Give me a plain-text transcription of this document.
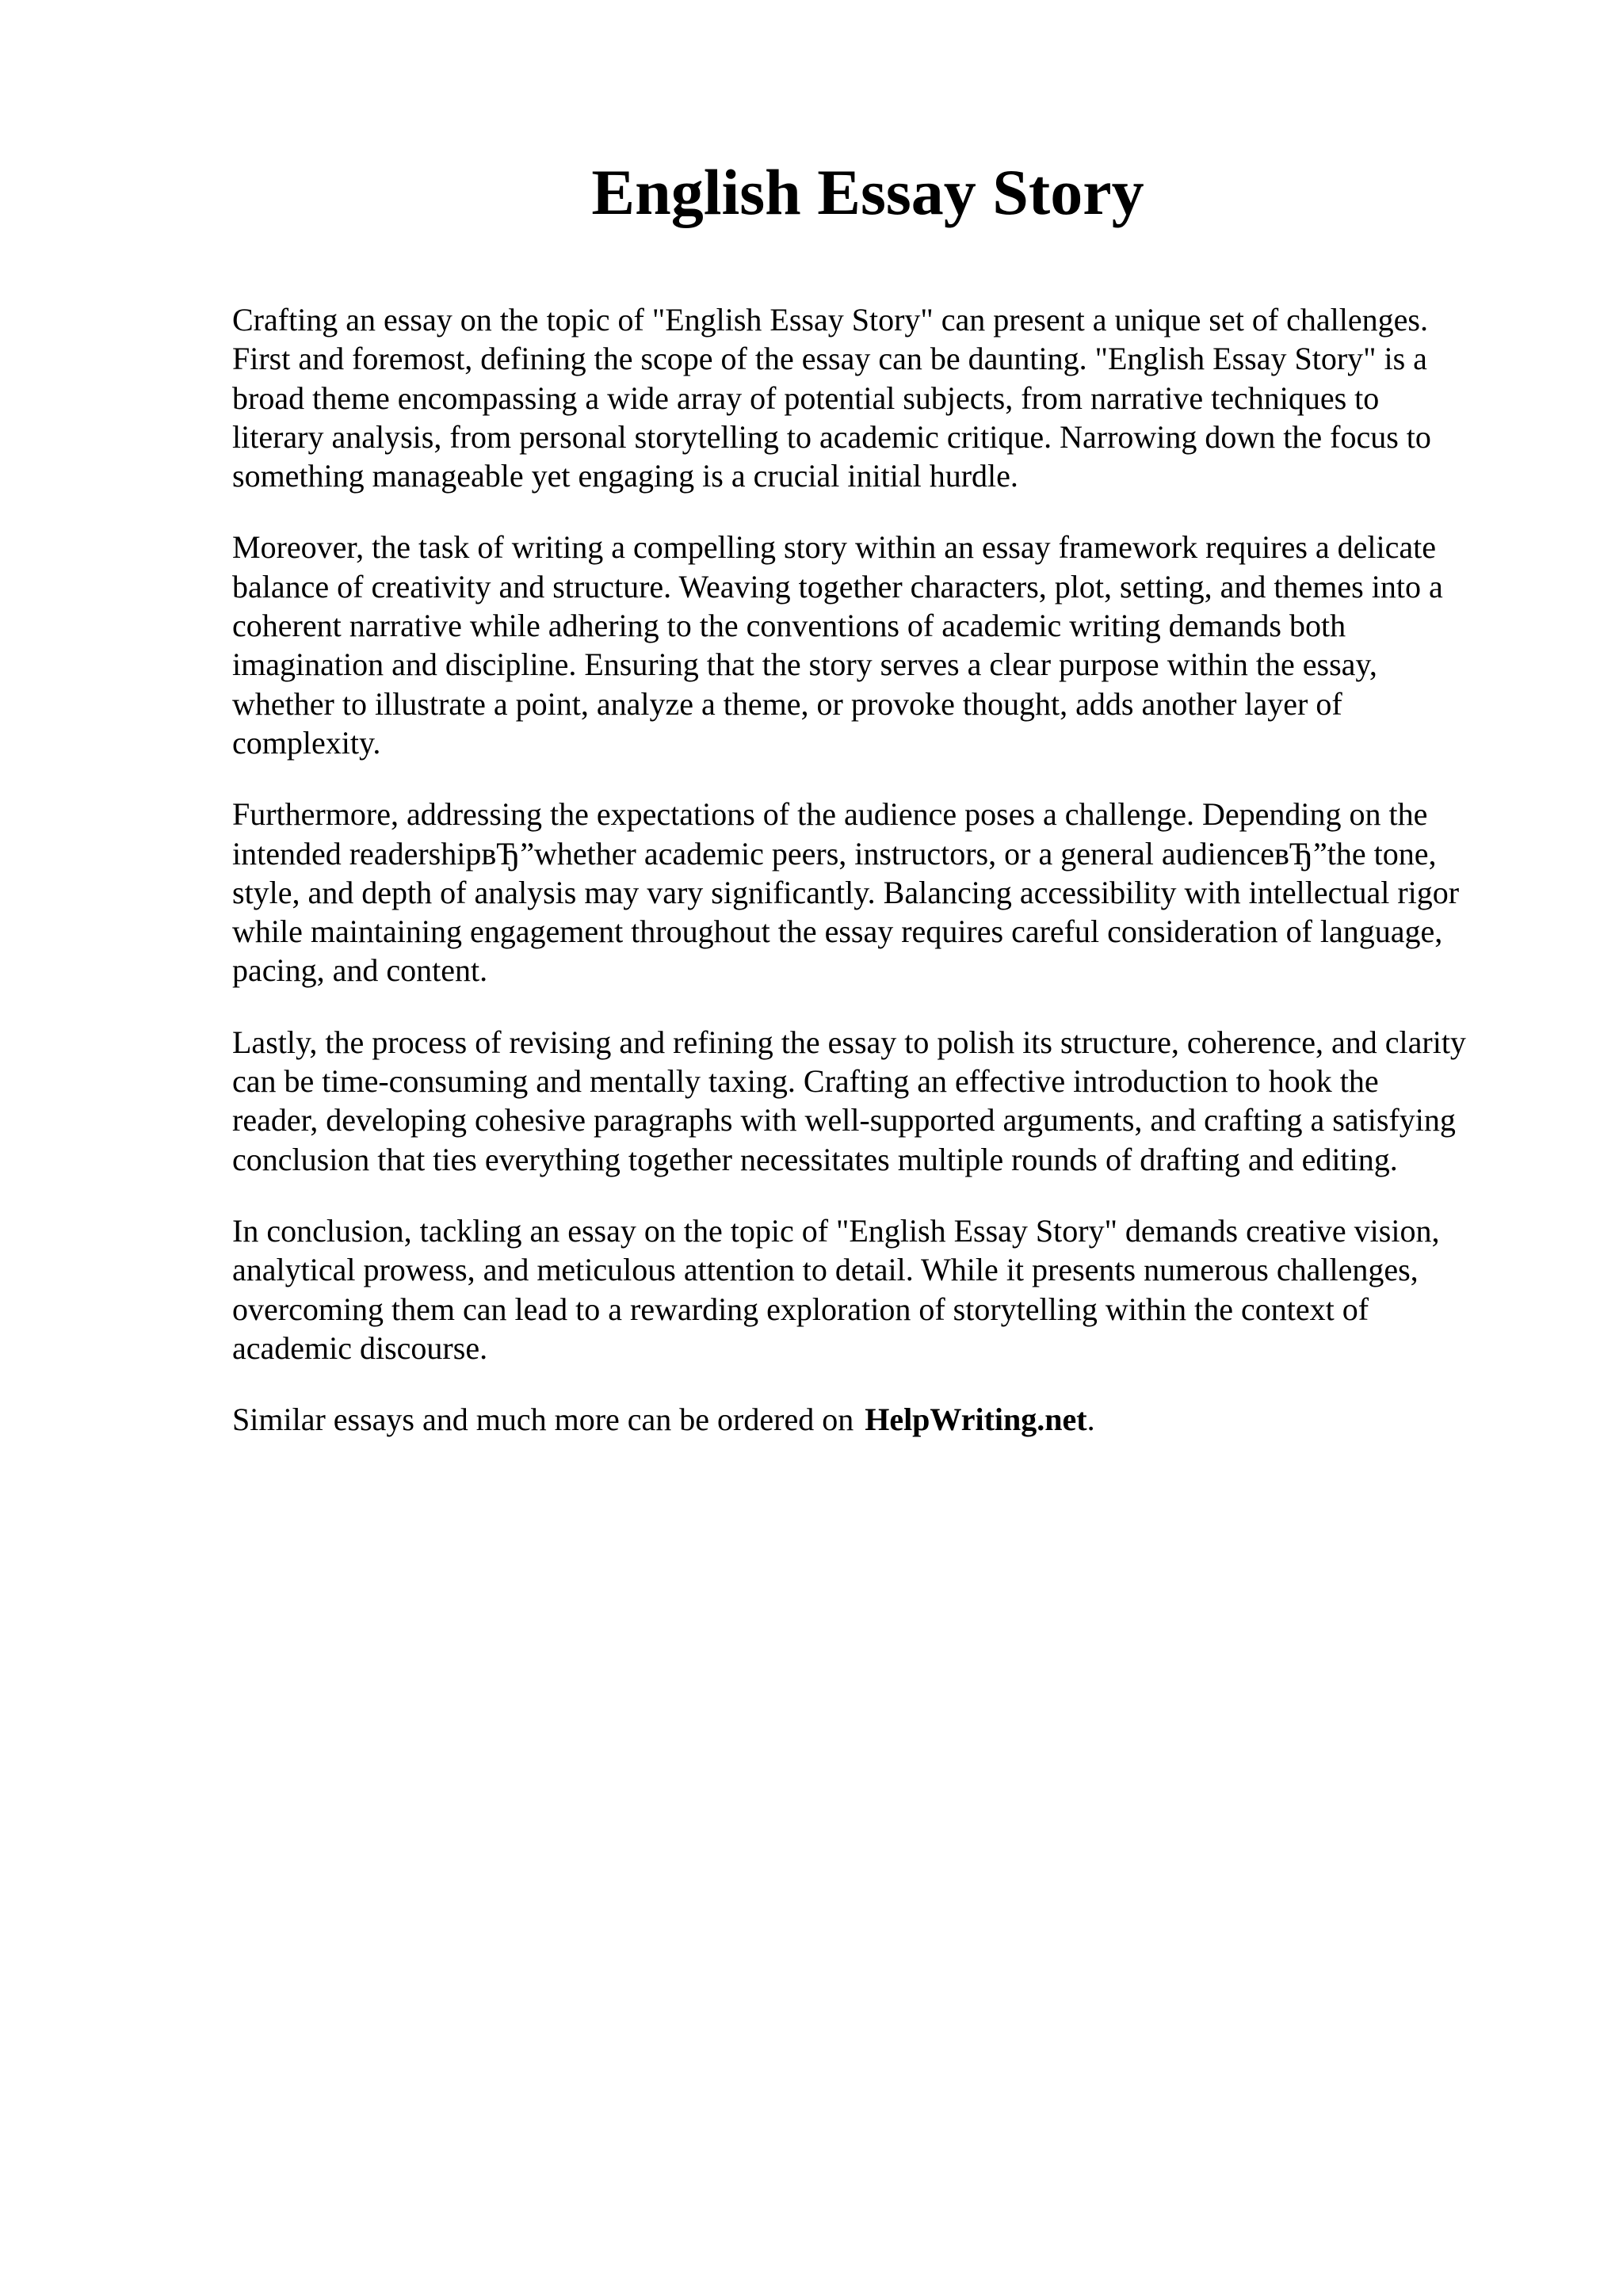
English Essay Story

Crafting an essay on the topic of "English Essay Story" can present a unique set of challenges.
First and foremost, defining the scope of the essay can be daunting. "English Essay Story" is a
broad theme encompassing a wide array of potential subjects, from narrative techniques to
literary analysis, from personal storytelling to academic critique. Narrowing down the focus to
something manageable yet engaging is a crucial initial hurdle.

Moreover, the task of writing a compelling story within an essay framework requires a delicate
balance of creativity and structure. Weaving together characters, plot, setting, and themes into a
coherent narrative while adhering to the conventions of academic writing demands both
imagination and discipline. Ensuring that the story serves a clear purpose within the essay,
whether to illustrate a point, analyze a theme, or provoke thought, adds another layer of
complexity.

Furthermore, addressing the expectations of the audience poses a challenge. Depending on the
intended readershipвЂ”whether academic peers, instructors, or a general audienceвЂ”the tone,
style, and depth of analysis may vary significantly. Balancing accessibility with intellectual rigor
while maintaining engagement throughout the essay requires careful consideration of language,
pacing, and content.

Lastly, the process of revising and refining the essay to polish its structure, coherence, and clarity
can be time-consuming and mentally taxing. Crafting an effective introduction to hook the
reader, developing cohesive paragraphs with well-supported arguments, and crafting a satisfying
conclusion that ties everything together necessitates multiple rounds of drafting and editing.

In conclusion, tackling an essay on the topic of "English Essay Story" demands creative vision,
analytical prowess, and meticulous attention to detail. While it presents numerous challenges,
overcoming them can lead to a rewarding exploration of storytelling within the context of
academic discourse.

Similar essays and much more can be ordered on HelpWriting.net.
